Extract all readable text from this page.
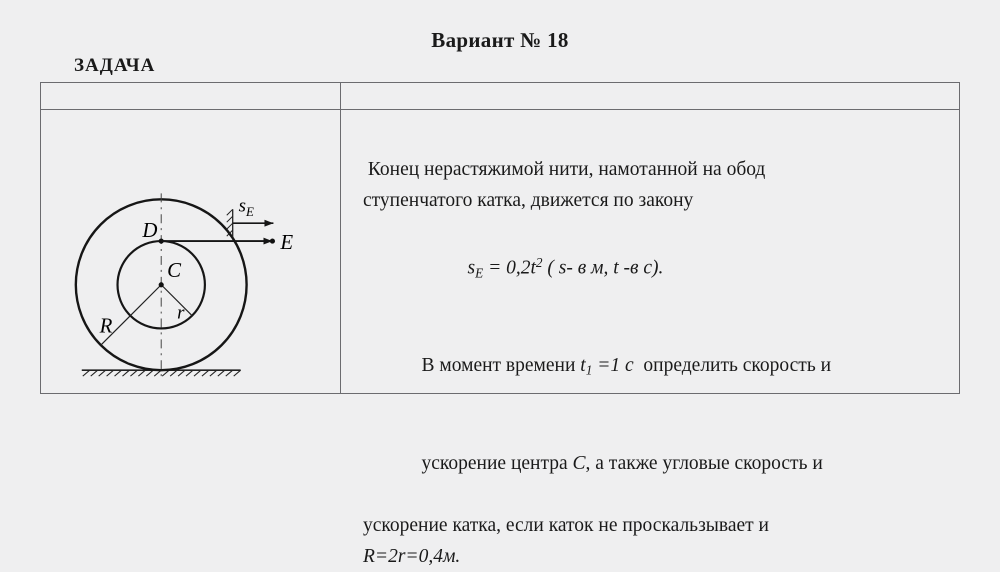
Вариант № 18
ЗАДАЧА
D
C
E
R
r
$s_E$
Конец нерастяжимой нити, намотанной на обод
ступенчатого катка, движется по закону

$s_E = 0,2t^2$ ( s- в м, t -в с).

В момент времени $t_1 =1$ с  определить скорость и

ускорение центра C, а также угловые скорость и

ускорение катка, если каток не проскальзывает и
R=2r=0,4м.
